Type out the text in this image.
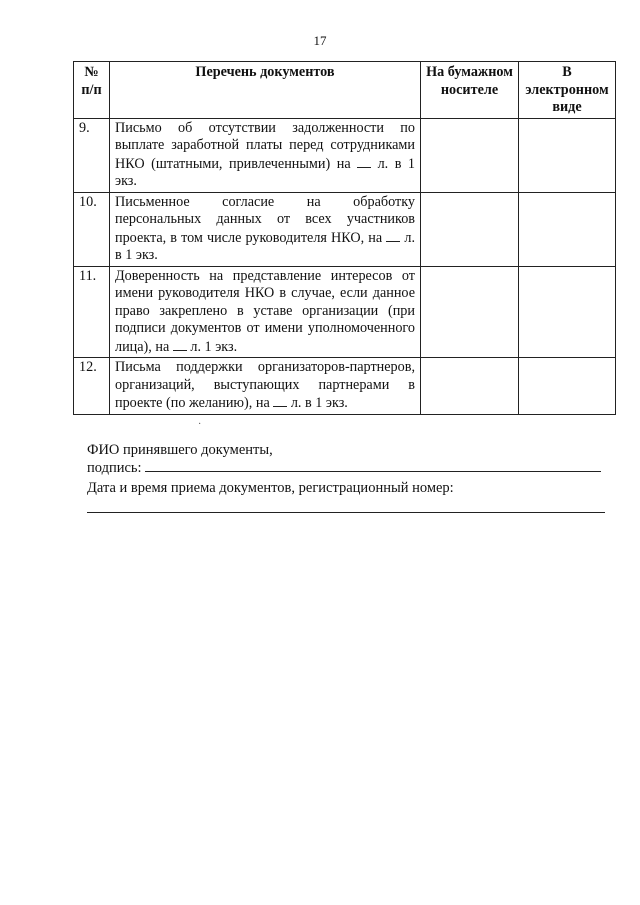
17
№ п/п	Перечень документов	На бумажном носителе	В электронном виде
9.	Письмо об отсутствии задолженности по выплате заработной платы перед сотрудниками НКО (штатными, привлеченными) на  л. в 1 экз.		
10.	Письменное согласие на обработку персональных данных от всех участников проекта, в том числе руководителя НКО, на  л. в 1 экз.		
11.	Доверенность на представление интересов от имени руководителя НКО в случае, если данное право закреплено в уставе организации (при подписи документов от имени уполномоченного лица), на  л. 1 экз.		
12.	Письма поддержки организаторов-партнеров, организаций, выступающих партнерами в проекте (по желанию), на  л. в 1 экз.		
·
ФИО принявшего документы,
подпись:
Дата и время приема документов, регистрационный номер:
